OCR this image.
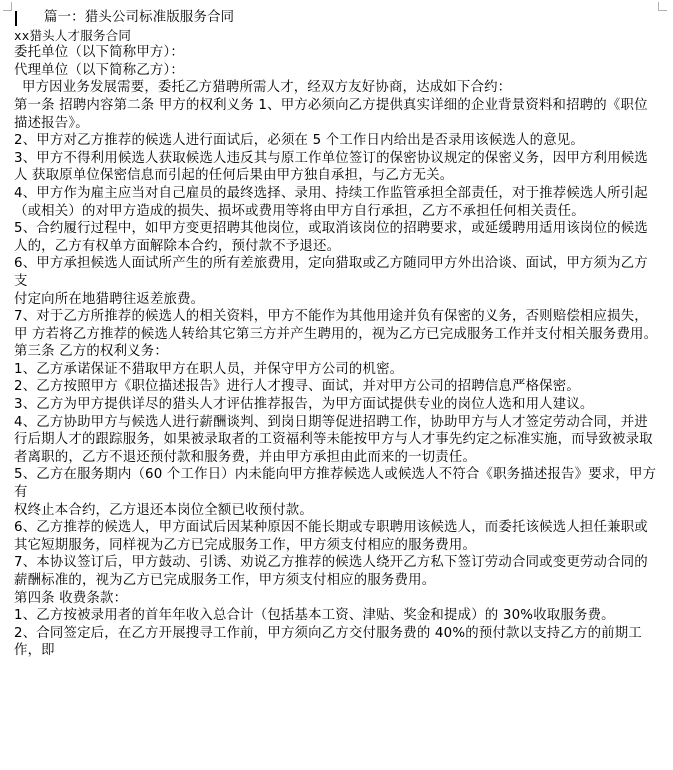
篇一：猎头公司标准版服务合同

xx猎头人才服务合同

委托单位（以下简称甲方）：

代理单位（以下简称乙方）：

甲方因业务发展需要，委托乙方猎聘所需人才，经双方友好协商，达成如下合约：

第一条 招聘内容第二条 甲方的权利义务 1、甲方必须向乙方提供真实详细的企业背景资料和招聘的《职位描述报告》。

2、甲方对乙方推荐的候选人进行面试后，必须在 5 个工作日内给出是否录用该候选人的意见。

3、甲方不得利用候选人获取候选人违反其与原工作单位签订的保密协议规定的保密义务，因甲方利用候选人 获取原单位保密信息而引起的任何后果由甲方独自承担，与乙方无关。

4、甲方作为雇主应当对自己雇员的最终选择、录用、持续工作监管承担全部责任，对于推荐候选人所引起（或相关）的对甲方造成的损失、损坏或费用等将由甲方自行承担，乙方不承担任何相关责任。

5、合约履行过程中，如甲方变更招聘其他岗位，或取消该岗位的招聘要求，或延缓聘用适用该岗位的候选人的，乙方有权单方面解除本合约，预付款不予退还。

6、甲方承担候选人面试所产生的所有差旅费用，定向猎取或乙方随同甲方外出洽谈、面试，甲方须为乙方支

付定向所在地猎聘往返差旅费。

7、对于乙方所推荐的候选人的相关资料，甲方不能作为其他用途并负有保密的义务，否则赔偿相应损失，甲 方若将乙方推荐的候选人转给其它第三方并产生聘用的，视为乙方已完成服务工作并支付相关服务费用。

第三条 乙方的权利义务：

1、乙方承诺保证不猎取甲方在职人员，并保守甲方公司的机密。

2、乙方按照甲方《职位描述报告》进行人才搜寻、面试，并对甲方公司的招聘信息严格保密。

3、乙方为甲方提供详尽的猎头人才评估推荐报告，为甲方面试提供专业的岗位人选和用人建议。

4、乙方协助甲方与候选人进行薪酬谈判、到岗日期等促进招聘工作，协助甲方与人才签定劳动合同，并进行后期人才的跟踪服务，如果被录取者的工资福利等未能按甲方与人才事先约定之标准实施，而导致被录取者离职的，乙方不退还预付款和服务费，并由甲方承担由此而来的一切责任。

5、乙方在服务期内（60 个工作日）内未能向甲方推荐候选人或候选人不符合《职务描述报告》要求，甲方有

权终止本合约，乙方退还本岗位全额已收预付款。

6、乙方推荐的候选人，甲方面试后因某种原因不能长期或专职聘用该候选人，而委托该候选人担任兼职或其它短期服务，同样视为乙方已完成服务工作，甲方须支付相应的服务费用。

7、本协议签订后，甲方鼓动、引诱、劝说乙方推荐的候选人绕开乙方私下签订劳动合同或变更劳动合同的

薪酬标准的，视为乙方已完成服务工作，甲方须支付相应的服务费用。

第四条 收费条款：

1、乙方按被录用者的首年年收入总合计（包括基本工资、津贴、奖金和提成）的 30%收取服务费。

2、合同签定后，在乙方开展搜寻工作前，甲方须向乙方交付服务费的 40%的预付款以支持乙方的前期工作，即
